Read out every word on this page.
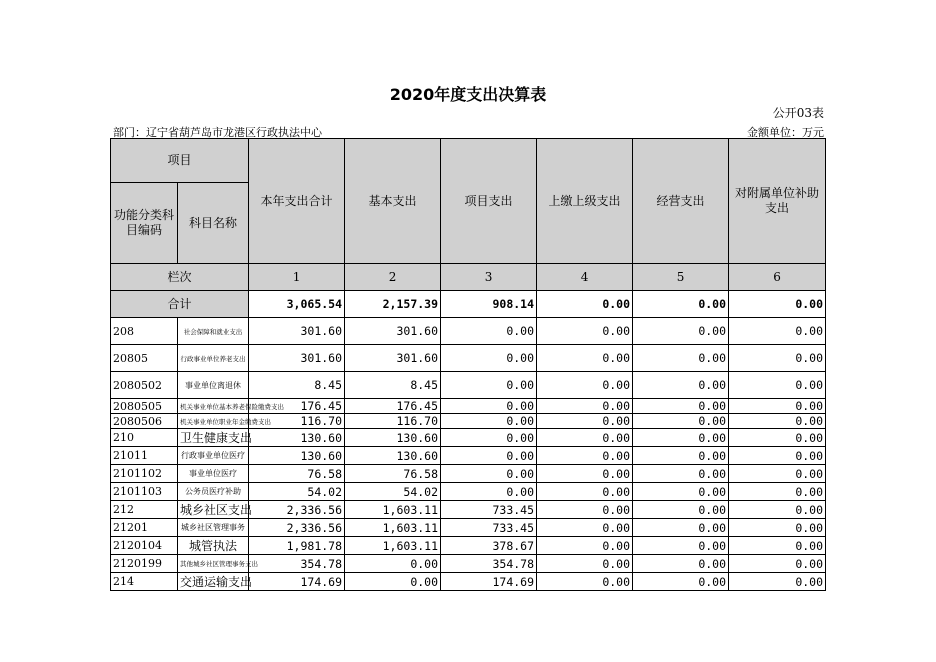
2020年度支出决算表
公开03表
部门：辽宁省葫芦岛市龙港区行政执法中心	金额单位：万元
项目		本年支出合计	基本支出	项目支出	上缴上级支出	经营支出	对附属单位补助支出
功能分类科目编码	科目名称						
栏次		1	2	3	4	5	6
合计		3,065.54	2,157.39	908.14	0.00	0.00	0.00
208	社会保障和就业支出	301.60	301.60	0.00	0.00	0.00	0.00
20805	行政事业单位养老支出	301.60	301.60	0.00	0.00	0.00	0.00
2080502	事业单位离退休	8.45	8.45	0.00	0.00	0.00	0.00
2080505	机关事业单位基本养老保险缴费支出	176.45	176.45	0.00	0.00	0.00	0.00
2080506	机关事业单位职业年金缴费支出	116.70	116.70	0.00	0.00	0.00	0.00
210	卫生健康支出	130.60	130.60	0.00	0.00	0.00	0.00
21011	行政事业单位医疗	130.60	130.60	0.00	0.00	0.00	0.00
2101102	事业单位医疗	76.58	76.58	0.00	0.00	0.00	0.00
2101103	公务员医疗补助	54.02	54.02	0.00	0.00	0.00	0.00
212	城乡社区支出	2,336.56	1,603.11	733.45	0.00	0.00	0.00
21201	城乡社区管理事务	2,336.56	1,603.11	733.45	0.00	0.00	0.00
2120104	城管执法	1,981.78	1,603.11	378.67	0.00	0.00	0.00
2120199	其他城乡社区管理事务支出	354.78	0.00	354.78	0.00	0.00	0.00
214	交通运输支出	174.69	0.00	174.69	0.00	0.00	0.00
